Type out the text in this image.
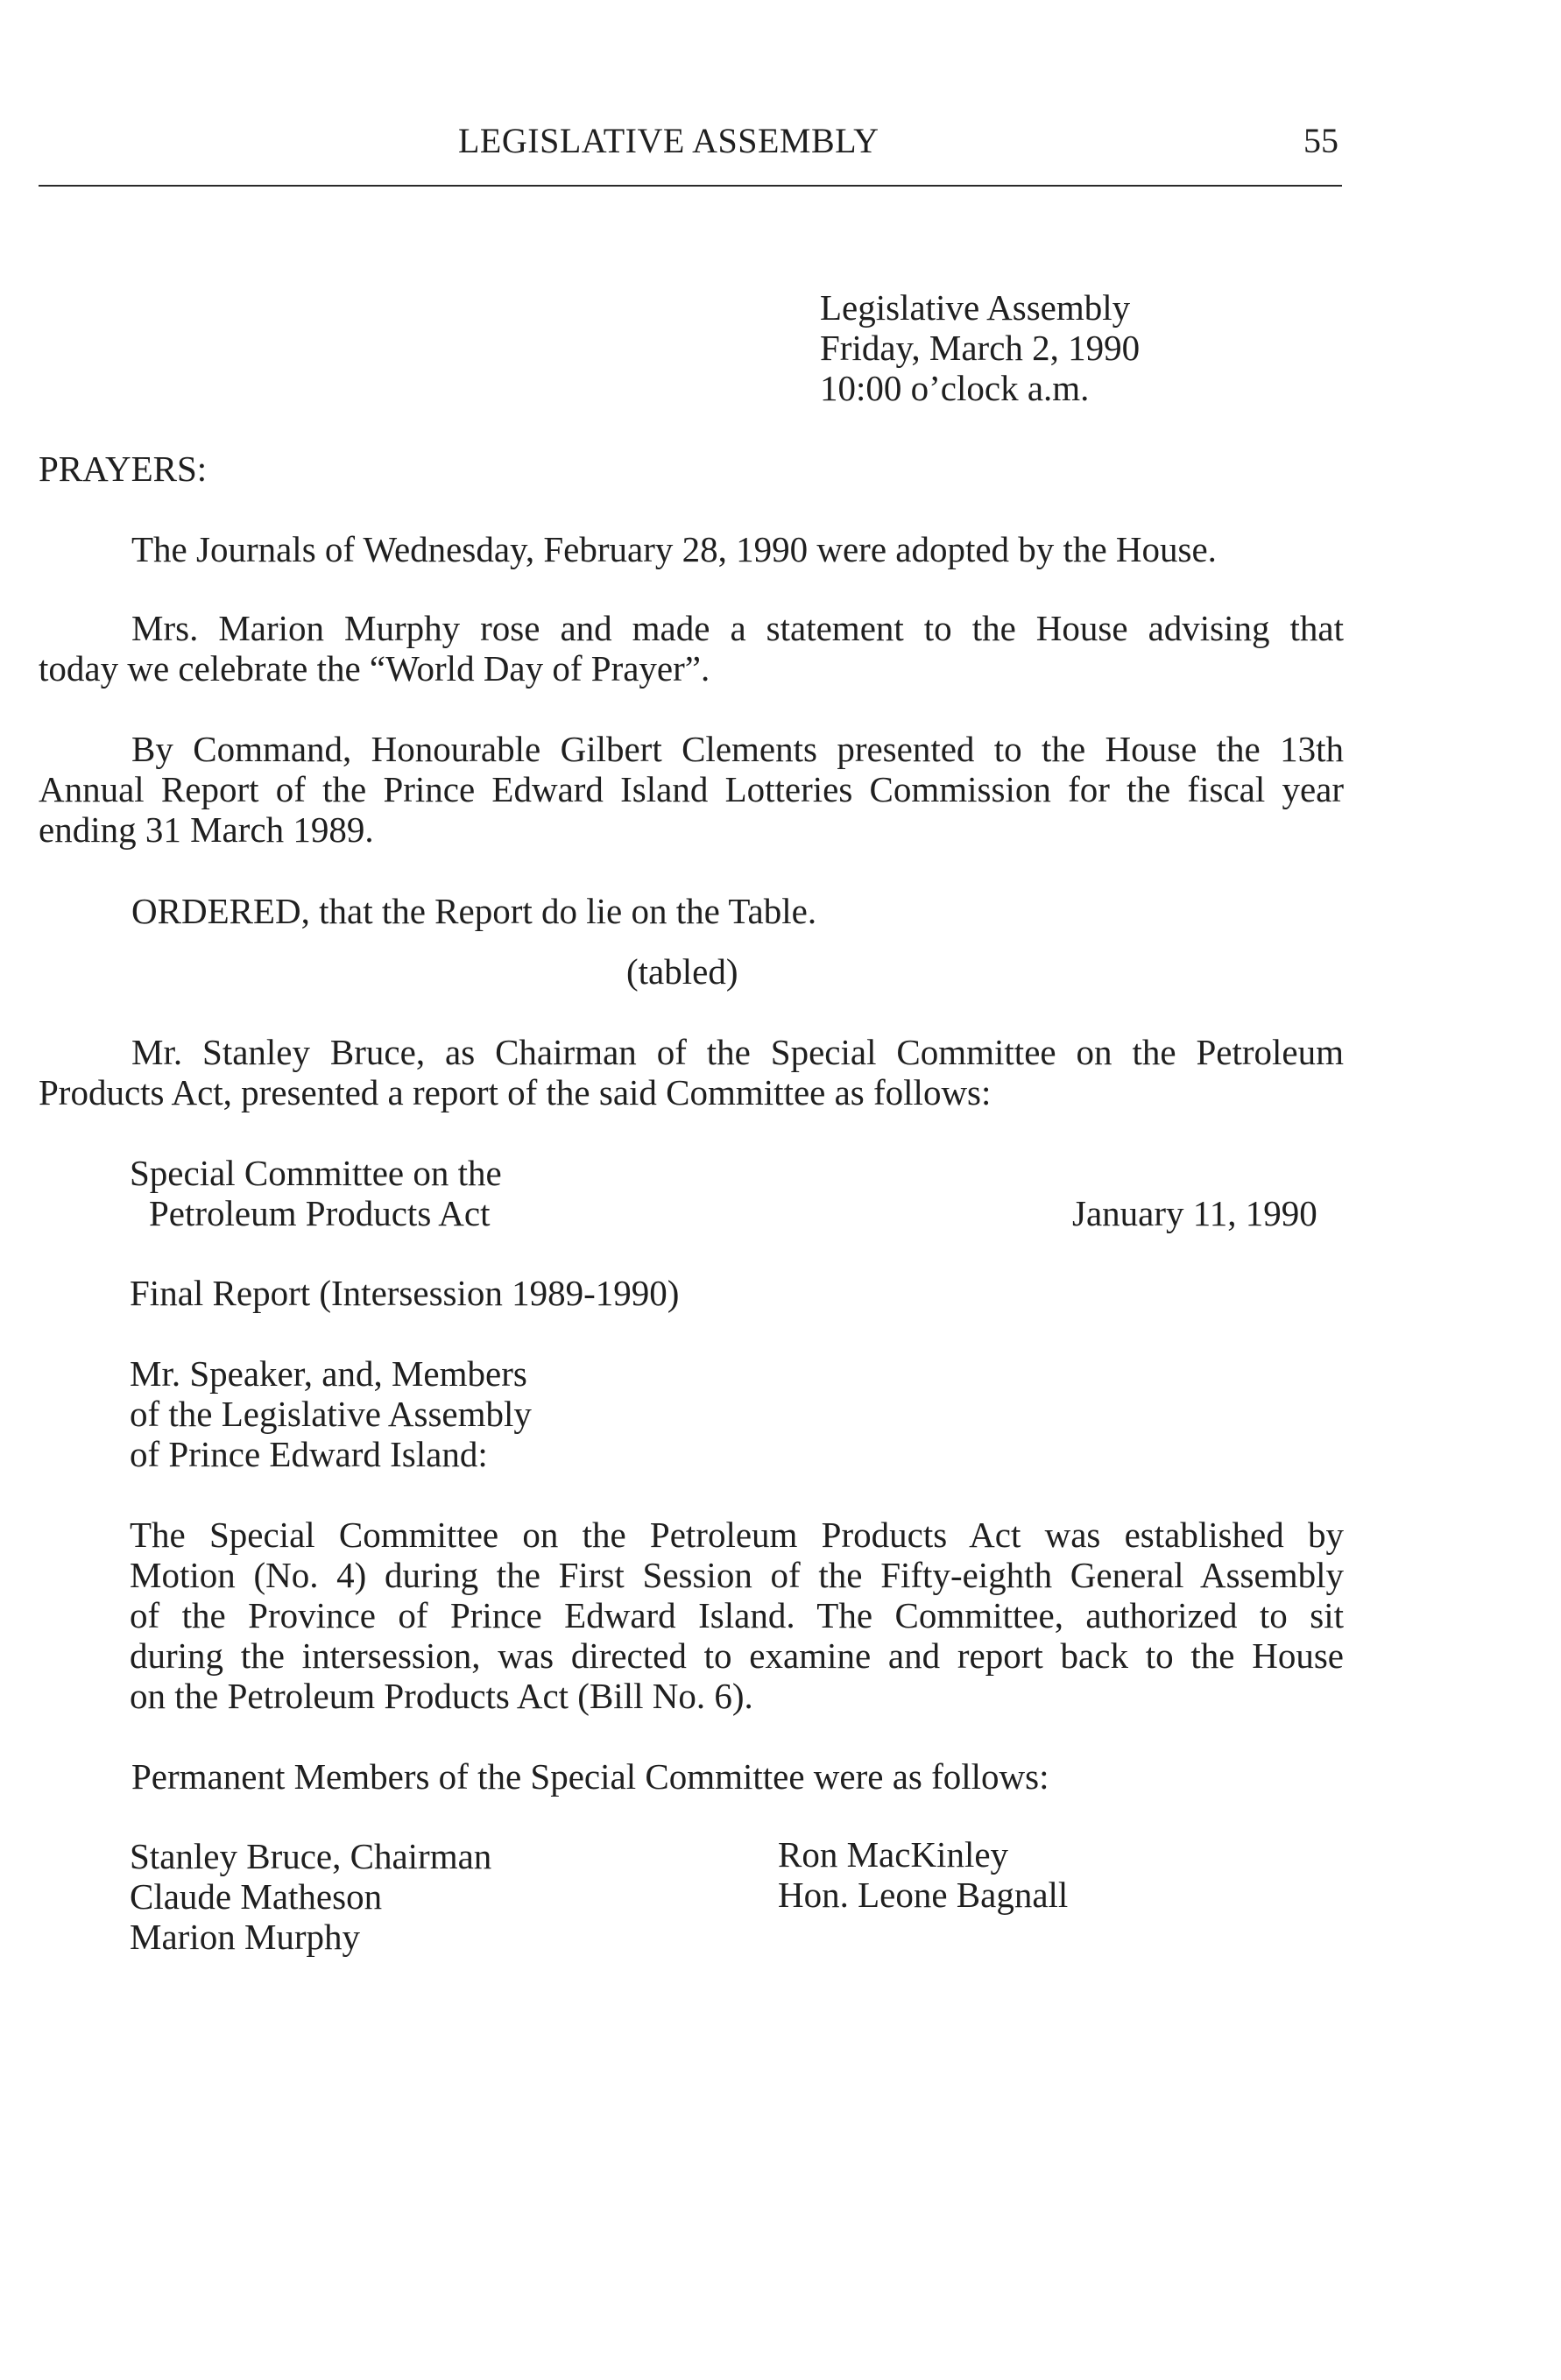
LEGISLATIVE ASSEMBLY	55
Legislative Assembly
Friday, March 2, 1990
10:00 o’clock a.m.
PRAYERS:
The Journals of Wednesday, February 28, 1990 were adopted by the House.
Mrs. Marion Murphy rose and made a statement to the House advising that
today we celebrate the “World Day of Prayer”.
By Command, Honourable Gilbert Clements presented to the House the 13th
Annual Report of the Prince Edward Island Lotteries Commission for the fiscal year
ending 31 March 1989.
ORDERED, that the Report do lie on the Table.
(tabled)
Mr. Stanley Bruce, as Chairman of the Special Committee on the Petroleum
Products Act, presented a report of the said Committee as follows:
Special Committee on the
Petroleum Products Act	January 11, 1990
Final Report (Intersession 1989-1990)
Mr. Speaker, and, Members
of the Legislative Assembly
of Prince Edward Island:
The Special Committee on the Petroleum Products Act was established by
Motion (No. 4) during the First Session of the Fifty-eighth General Assembly
of the Province of Prince Edward Island. The Committee, authorized to sit
during the intersession, was directed to examine and report back to the House
on the Petroleum Products Act (Bill No. 6).
Permanent Members of the Special Committee were as follows:
Stanley Bruce, Chairman
Claude Matheson
Marion Murphy
Ron MacKinley
Hon. Leone Bagnall
